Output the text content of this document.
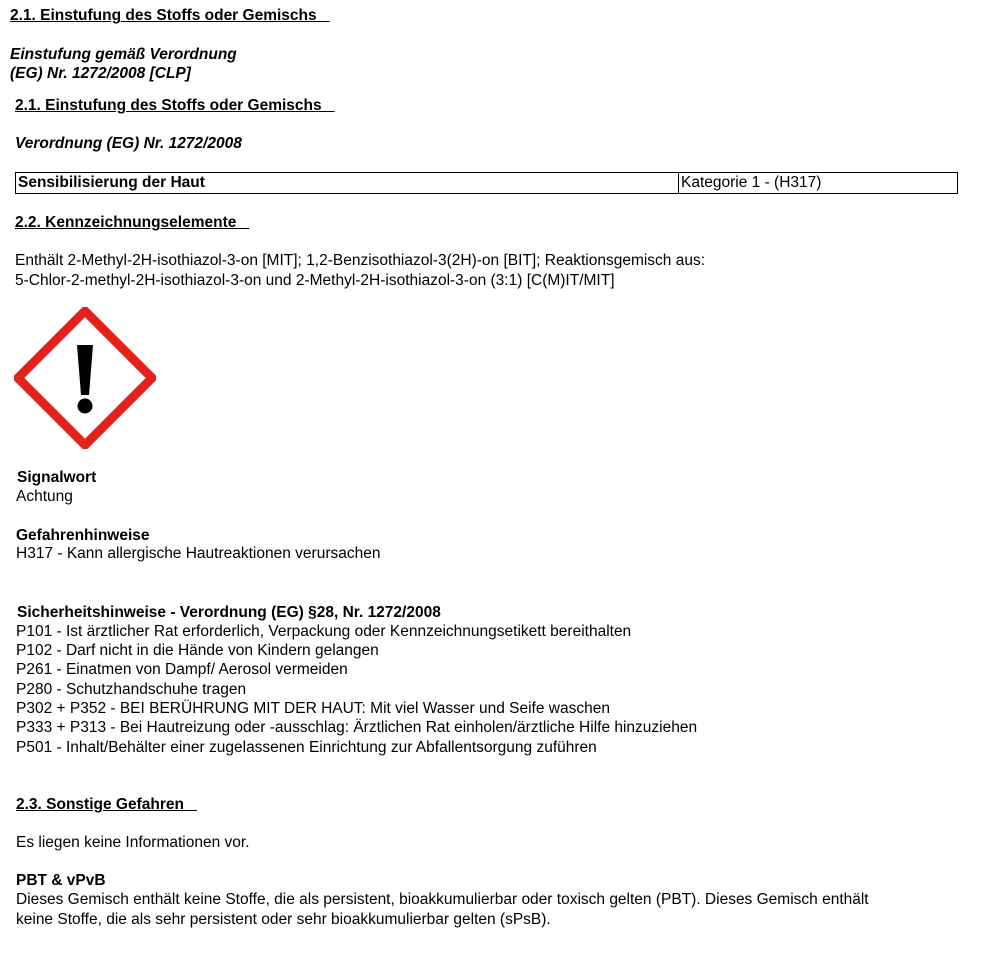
2.1. Einstufung des Stoffs oder Gemischs
Einstufung gemäß Verordnung
(EG) Nr. 1272/2008 [CLP]
2.1. Einstufung des Stoffs oder Gemischs
Verordnung (EG) Nr. 1272/2008
Sensibilisierung der Haut	Kategorie 1 - (H317)
2.2. Kennzeichnungselemente
Enthält 2-Methyl-2H-isothiazol-3-on [MIT]; 1,2-Benzisothiazol-3(2H)-on [BIT]; Reaktionsgemisch aus:
5-Chlor-2-methyl-2H-isothiazol-3-on und 2-Methyl-2H-isothiazol-3-on (3:1) [C(M)IT/MIT]
Signalwort
Achtung
Gefahrenhinweise
H317 - Kann allergische Hautreaktionen verursachen
Sicherheitshinweise - Verordnung (EG) §28, Nr. 1272/2008
P101 - Ist ärztlicher Rat erforderlich, Verpackung oder Kennzeichnungsetikett bereithalten
P102 - Darf nicht in die Hände von Kindern gelangen
P261 - Einatmen von Dampf/ Aerosol vermeiden
P280 - Schutzhandschuhe tragen
P302 + P352 - BEI BERÜHRUNG MIT DER HAUT: Mit viel Wasser und Seife waschen
P333 + P313 - Bei Hautreizung oder -ausschlag: Ärztlichen Rat einholen/ärztliche Hilfe hinzuziehen
P501 - Inhalt/Behälter einer zugelassenen Einrichtung zur Abfallentsorgung zuführen
2.3. Sonstige Gefahren
Es liegen keine Informationen vor.
PBT & vPvB
Dieses Gemisch enthält keine Stoffe, die als persistent, bioakkumulierbar oder toxisch gelten (PBT). Dieses Gemisch enthält
keine Stoffe, die als sehr persistent oder sehr bioakkumulierbar gelten (sPsB).
